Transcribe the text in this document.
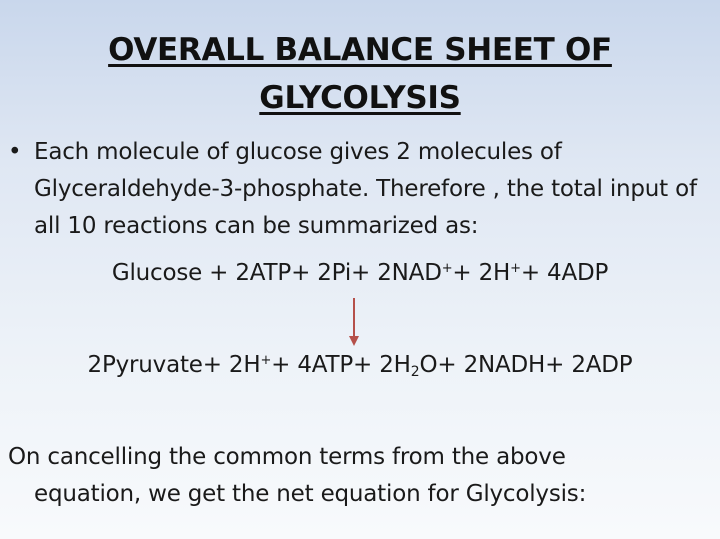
OVERALL BALANCE SHEET OF
GLYCOLYSIS
• Each molecule of glucose gives 2 molecules of Glyceraldehyde-3-phosphate. Therefore , the total input of all 10 reactions can be summarized as:
Glucose + 2ATP+ 2Pi+ 2NAD++ 2H++ 4ADP
2Pyruvate+ $2H^++ 4ATP+ 2H_2O+$ 2NADH+ 2ADP
On cancelling the common terms from the above
equation, we get the net equation for Glycolysis:
